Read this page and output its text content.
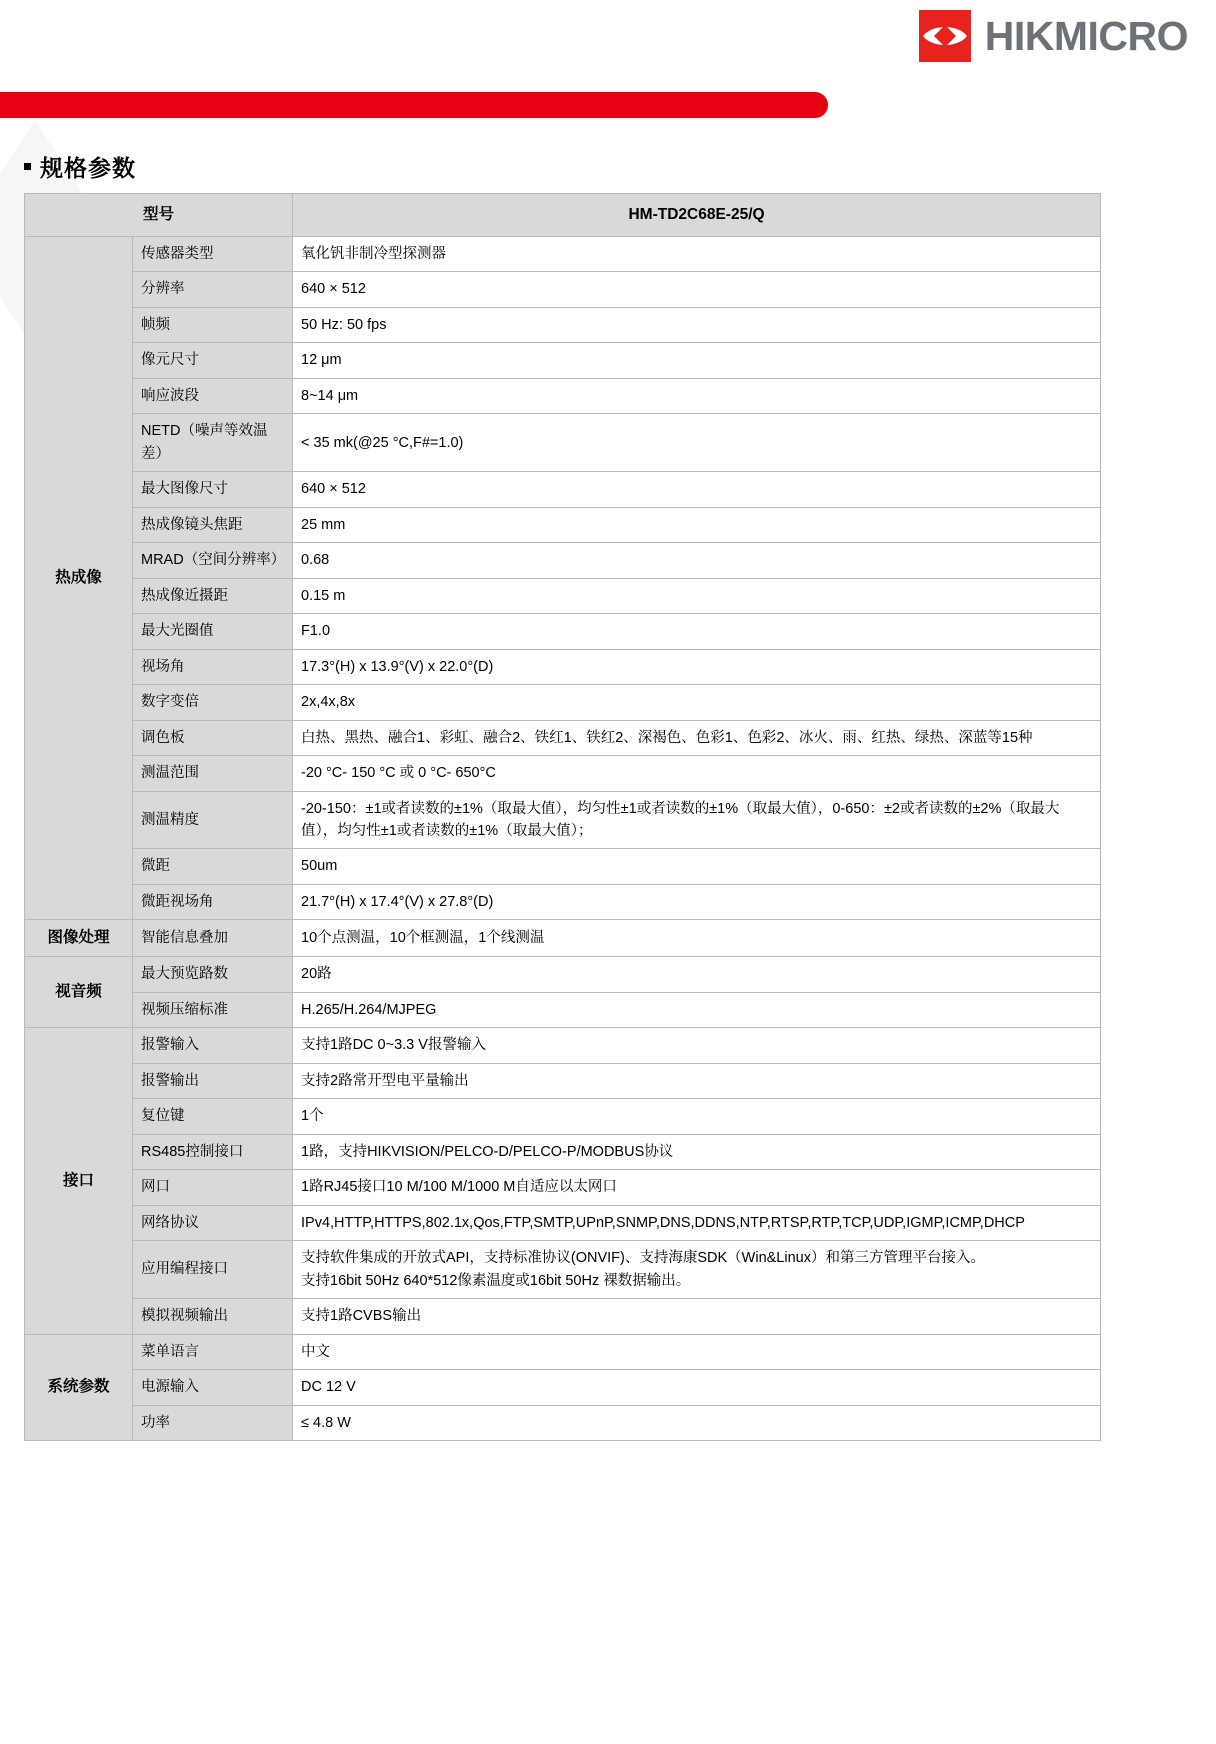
HIKMICRO
规格参数
型号		HM-TD2C68E-25/Q
热成像	传感器类型	氧化钒非制冷型探测器

	分辨率	640 × 512

	帧频	50 Hz: 50 fps

	像元尺寸	12 μm

	响应波段	8~14 μm

	NETD（噪声等效温差）	< 35 mk(@25 °C,F#=1.0)

	最大图像尺寸	640 × 512

	热成像镜头焦距	25 mm

	MRAD（空间分辨率）	0.68

	热成像近摄距	0.15 m

	最大光圈值	F1.0

	视场角	17.3°(H) x 13.9°(V) x 22.0°(D)

	数字变倍	2x,4x,8x

	调色板	白热、黑热、融合1、彩虹、融合2、铁红1、铁红2、深褐色、色彩1、色彩2、冰火、雨、红热、绿热、深蓝等15种

	测温范围	-20 °C- 150 °C 或 0 °C- 650°C

	测温精度	-20-150：±1或者读数的±1%（取最大值），均匀性±1或者读数的±1%（取最大值），0-650：±2或者读数的±2%（取最大值），均匀性±1或者读数的±1%（取最大值）；

	微距	50um

	微距视场角	21.7°(H) x 17.4°(V) x 27.8°(D)

图像处理	智能信息叠加	10个点测温，10个框测温，1个线测温

视音频	最大预览路数	20路

	视频压缩标准	H.265/H.264/MJPEG

接口	报警输入	支持1路DC 0~3.3 V报警输入

	报警输出	支持2路常开型电平量输出

	复位键	1个

	RS485控制接口	1路，支持HIKVISION/PELCO-D/PELCO-P/MODBUS协议

	网口	1路RJ45接口10 M/100 M/1000 M自适应以太网口

	网络协议	IPv4,HTTP,HTTPS,802.1x,Qos,FTP,SMTP,UPnP,SNMP,DNS,DDNS,NTP,RTSP,RTP,TCP,UDP,IGMP,ICMP,DHCP

	应用编程接口	支持软件集成的开放式API，支持标准协议(ONVIF)、支持海康SDK（Win&Linux）和第三方管理平台接入。
支持16bit 50Hz 640*512像素温度或16bit 50Hz 裸数据输出。

	模拟视频输出	支持1路CVBS输出

系统参数	菜单语言	中文

	电源输入	DC 12 V

	功率	≤ 4.8 W
